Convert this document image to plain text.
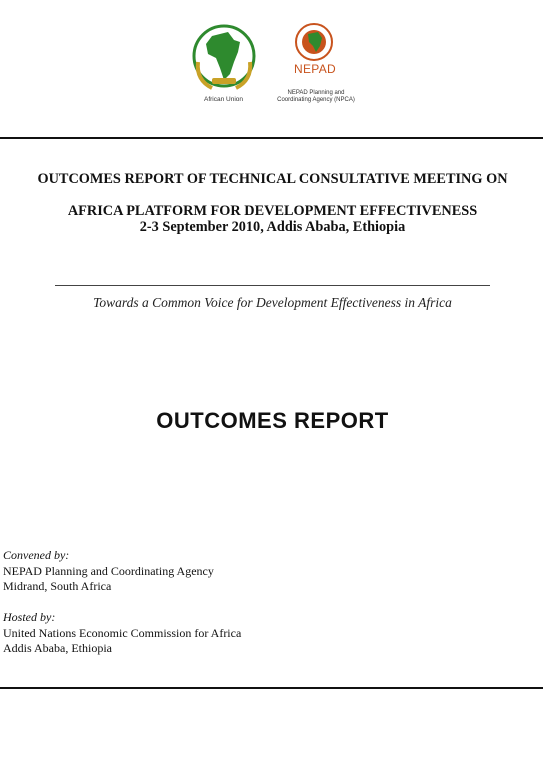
African Union
NEPAD
NEPAD Planning and Coordinating Agency (NPCA)
OUTCOMES REPORT OF TECHNICAL CONSULTATIVE MEETING ON
AFRICA PLATFORM FOR DEVELOPMENT EFFECTIVENESS
2-3 September 2010, Addis Ababa, Ethiopia
Towards a Common Voice for Development Effectiveness in Africa
OUTCOMES REPORT
Convened by:
NEPAD Planning and Coordinating Agency
Midrand, South Africa
Hosted by:
United Nations Economic Commission for Africa
Addis Ababa, Ethiopia
